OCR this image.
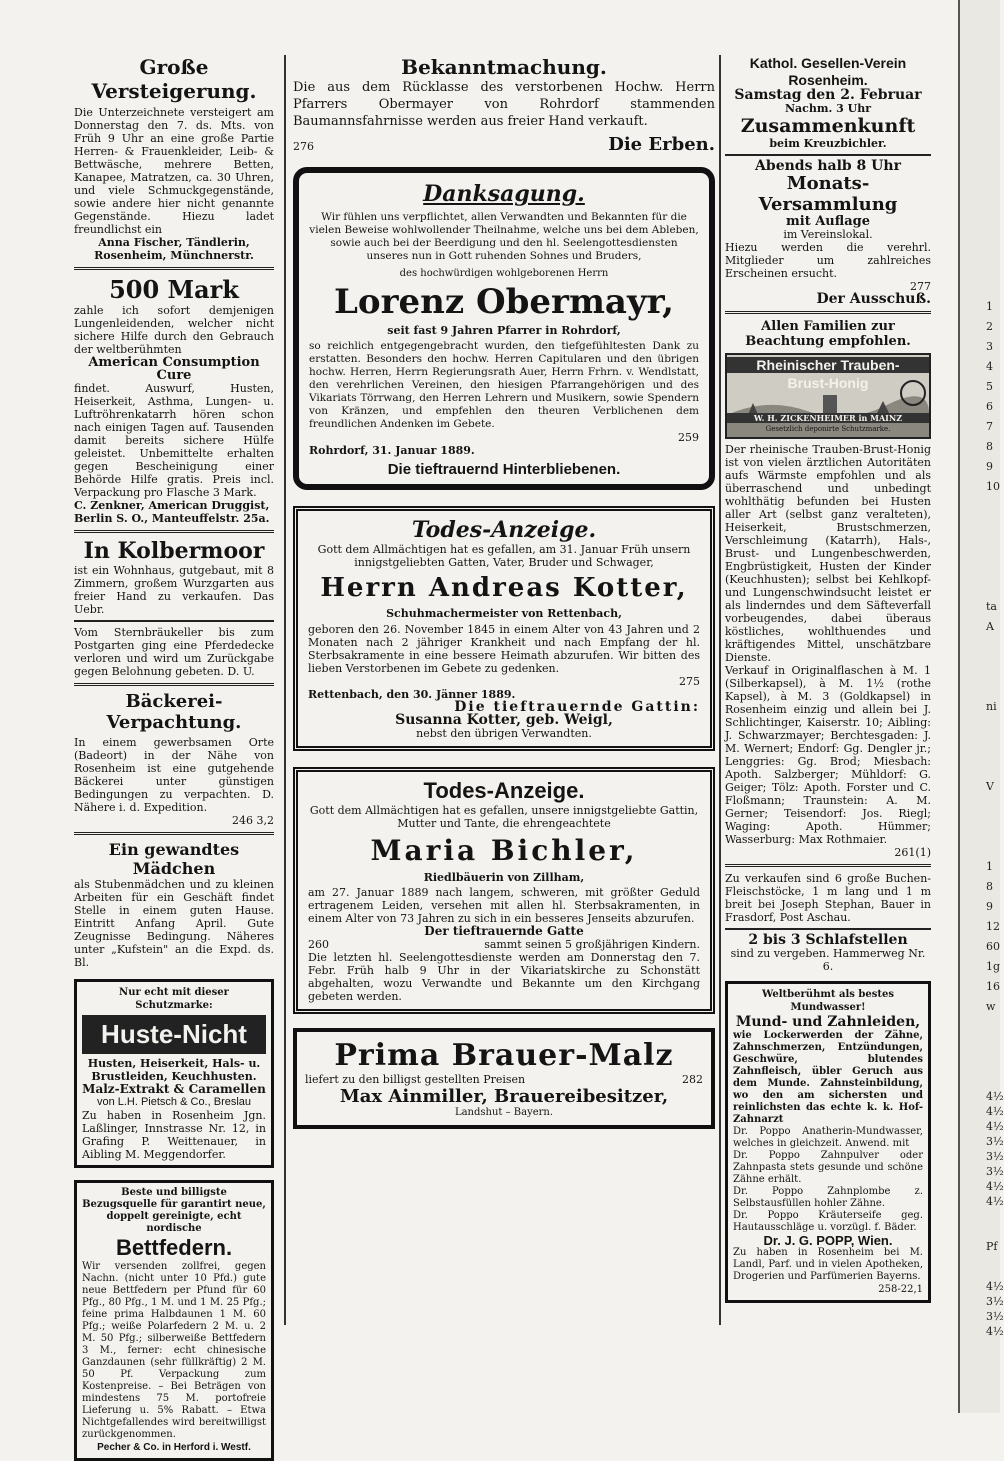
Große Versteigerung.
Die Unterzeichnete versteigert am Donnerstag den 7. ds. Mts. von Früh 9 Uhr an eine große Partie Herren- & Frauenkleider, Leib- & Bettwäsche, mehrere Betten, Kanapee, Matratzen, ca. 30 Uhren, und viele Schmuckgegenstände, sowie andere hier nicht genannte Gegenstände. Hiezu ladet freundlichst ein
Anna Fischer, Tändlerin,
Rosenheim, Münchnerstr.
500 Mark
zahle ich sofort demjenigen Lungenleidenden, welcher nicht sichere Hilfe durch den Gebrauch der weltberühmten
American Consumption Cure
findet. Auswurf, Husten, Heiserkeit, Asthma, Lungen- u. Luftröhrenkatarrh hören schon nach einigen Tagen auf. Tausenden damit bereits sichere Hülfe geleistet. Unbemittelte erhalten gegen Bescheinigung einer Behörde Hilfe gratis. Preis incl. Verpackung pro Flasche 3 Mark.
C. Zenkner, American Druggist,
Berlin S. O., Manteuffelstr. 25a.
In Kolbermoor
ist ein Wohnhaus, gutgebaut, mit 8 Zimmern, großem Wurzgarten aus freier Hand zu verkaufen. Das Uebr.
Vom Sternbräukeller bis zum Postgarten ging eine Pferdedecke verloren und wird um Zurückgabe gegen Belohnung gebeten. D. U.
Bäckerei-Verpachtung.
In einem gewerbsamen Orte (Badeort) in der Nähe von Rosenheim ist eine gutgehende Bäckerei unter günstigen Bedingungen zu verpachten. D. Nähere i. d. Expedition.
246 3,2
Ein gewandtes Mädchen
als Stubenmädchen und zu kleinen Arbeiten für ein Geschäft findet Stelle in einem guten Hause. Eintritt Anfang April. Gute Zeugnisse Bedingung. Näheres unter „Kufstein" an die Expd. ds. Bl.
Nur echt mit dieser Schutzmarke:
Huste-Nicht
Husten, Heiserkeit, Hals- u. Brustleiden, Keuchhusten.
Malz-Extrakt & Caramellen
von L.H. Pietsch & Co., Breslau
Zu haben in Rosenheim Jgn. Laßlinger, Innstrasse Nr. 12, in Grafing P. Weittenauer, in Aibling M. Meggendorfer.
Beste und billigste Bezugsquelle für garantirt neue, doppelt gereinigte, echt nordische
Bettfedern.
Wir versenden zollfrei, gegen Nachn. (nicht unter 10 Pfd.) gute neue Bettfedern per Pfund für 60 Pfg., 80 Pfg., 1 M. und 1 M. 25 Pfg.; feine prima Halbdaunen 1 M. 60 Pfg.; weiße Polarfedern 2 M. u. 2 M. 50 Pfg.; silberweiße Bettfedern 3 M., ferner: echt chinesische Ganzdaunen (sehr füllkräftig) 2 M. 50 Pf. Verpackung zum Kostenpreise. – Bei Beträgen von mindestens 75 M. portofreie Lieferung u. 5% Rabatt. – Etwa Nichtgefallendes wird bereitwilligst zurückgenommen.
Pecher & Co. in Herford i. Westf.
Bekanntmachung.
Die aus dem Rücklasse des verstorbenen Hochw. Herrn Pfarrers Obermayer von Rohrdorf stammenden Baumannsfahrnisse werden aus freier Hand verkauft.
276	Die Erben.
Danksagung.
Wir fühlen uns verpflichtet, allen Verwandten und Bekannten für die vielen Beweise wohlwollender Theilnahme, welche uns bei dem Ableben, sowie auch bei der Beerdigung und den hl. Seelengottesdiensten unseres nun in Gott ruhenden Sohnes und Bruders,
des hochwürdigen wohlgeborenen Herrn
Lorenz Obermayr,
seit fast 9 Jahren Pfarrer in Rohrdorf,
so reichlich entgegengebracht wurden, den tiefgefühltesten Dank zu erstatten. Besonders den hochw. Herren Capitularen und den übrigen hochw. Herren, Herrn Regierungsrath Auer, Herrn Frhrn. v. Wendlstatt, den verehrlichen Vereinen, den hiesigen Pfarrangehörigen und des Vikariats Törrwang, den Herren Lehrern und Musikern, sowie Spendern von Kränzen, und empfehlen den theuren Verblichenen dem freundlichen Andenken im Gebete.
259
Rohrdorf, 31. Januar 1889.
Die tieftrauernd Hinterbliebenen.
Todes-Anzeige.
Gott dem Allmächtigen hat es gefallen, am 31. Januar Früh unsern innigstgeliebten Gatten, Vater, Bruder und Schwager,
Herrn Andreas Kotter,
Schuhmachermeister von Rettenbach,
geboren den 26. November 1845 in einem Alter von 43 Jahren und 2 Monaten nach 2 jähriger Krankheit und nach Empfang der hl. Sterbsakramente in eine bessere Heimath abzurufen. Wir bitten des lieben Verstorbenen im Gebete zu gedenken.
275
Rettenbach, den 30. Jänner 1889.
Die tieftrauernde Gattin:
Susanna Kotter, geb. Weigl,
nebst den übrigen Verwandten.
Todes-Anzeige.
Gott dem Allmächtigen hat es gefallen, unsere innigstgeliebte Gattin, Mutter und Tante, die ehrengeachtete
Maria Bichler,
Riedlbäuerin von Zillham,
am 27. Januar 1889 nach langem, schweren, mit größter Geduld ertragenem Leiden, versehen mit allen hl. Sterbsakramenten, in einem Alter von 73 Jahren zu sich in ein besseres Jenseits abzurufen.
Der tieftrauernde Gatte
260	sammt seinen 5 großjährigen Kindern.
Die letzten hl. Seelengottesdienste werden am Donnerstag den 7. Febr. Früh halb 9 Uhr in der Vikariatskirche zu Schonstätt abgehalten, wozu Verwandte und Bekannte um den Kirchgang gebeten werden.
Prima Brauer-Malz
liefert zu den billigst gestellten Preisen	282
Max Ainmiller, Brauereibesitzer,
Landshut – Bayern.
Kathol. Gesellen-Verein Rosenheim.
Samstag den 2. Februar
Nachm. 3 Uhr
Zusammenkunft
beim Kreuzbichler.
Abends halb 8 Uhr
Monats-Versammlung
mit Auflage
im Vereinslokal.
Hiezu werden die verehrl. Mitglieder um zahlreiches Erscheinen ersucht.
277
Der Ausschuß.
Allen Familien zur Beachtung empfohlen.
Rheinischer Trauben-
Brust-Honig
W. H. ZICKENHEIMER in MAINZ
Gesetzlich deponirte Schutzmarke.
Der rheinische Trauben-Brust-Honig ist von vielen ärztlichen Autoritäten aufs Wärmste empfohlen und als überraschend und unbedingt wohlthätig befunden bei Husten aller Art (selbst ganz veralteten), Heiserkeit, Brustschmerzen, Verschleimung (Katarrh), Hals-, Brust- und Lungenbeschwerden, Engbrüstigkeit, Husten der Kinder (Keuchhusten); selbst bei Kehlkopf- und Lungenschwindsucht leistet er als linderndes und dem Säfteverfall vorbeugendes, dabei überaus köstliches, wohlthuendes und kräftigendes Mittel, unschätzbare Dienste.
Verkauf in Originalflaschen à M. 1 (Silberkapsel), à M. 1½ (rothe Kapsel), à M. 3 (Goldkapsel) in Rosenheim einzig und allein bei J. Schlichtinger, Kaiserstr. 10; Aibling: J. Schwarzmayer; Berchtesgaden: J. M. Wernert; Endorf: Gg. Dengler jr.; Lenggries: Gg. Brod; Miesbach: Apoth. Salzberger; Mühldorf: G. Geiger; Tölz: Apoth. Forster und C. Floßmann; Traunstein: A. M. Gerner; Teisendorf: Jos. Riegl; Waging: Apoth. Hümmer; Wasserburg: Max Rothmaier.
261(1)
Zu verkaufen sind 6 große Buchen-Fleischstöcke, 1 m lang und 1 m breit bei Joseph Stephan, Bauer in Frasdorf, Post Aschau.
2 bis 3 Schlafstellen
sind zu vergeben. Hammerweg Nr. 6.
Weltberühmt als bestes Mundwasser!
Mund- und Zahnleiden,
wie Lockerwerden der Zähne, Zahnschmerzen, Entzündungen, Geschwüre, blutendes Zahnfleisch, übler Geruch aus dem Munde. Zahnsteinbildung, wo den am sichersten und reinlichsten das echte k. k. Hof-Zahnarzt
Dr. Poppo Anatherin-Mundwasser, welches in gleichzeit. Anwend. mit
Dr. Poppo Zahnpulver oder Zahnpasta stets gesunde und schöne Zähne erhält.
Dr. Poppo Zahnplombe z. Selbstausfüllen hohler Zähne.
Dr. Poppo Kräuterseife geg. Hautausschläge u. vorzügl. f. Bäder.
Dr. J. G. POPP, Wien.
Zu haben in Rosenheim bei M. Landl, Parf. und in vielen Apotheken, Drogerien und Parfümerien Bayerns.
258-22,1
1
2
3
4
5
6
7
8
9
10
ta
A
ni
V
1
8
9
12
60
1g
16
w
4½
4½
4½
3½
3½
3½
4½
4½
Pf
4½
3½
3½
4½
